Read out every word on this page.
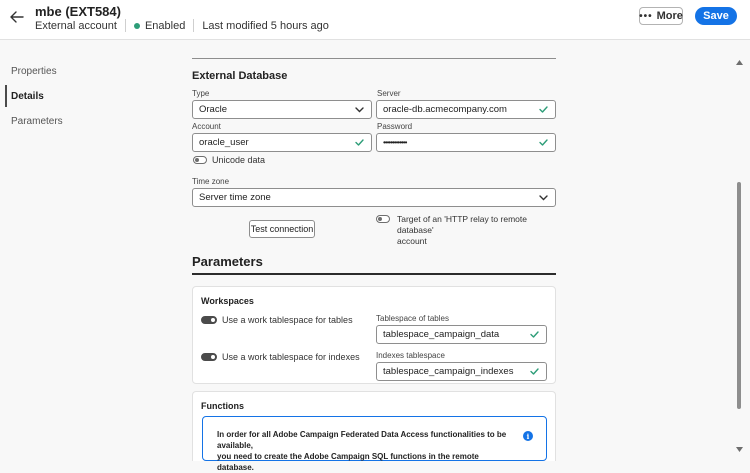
mbe (EXT584)
External account	Enabled Last modified 5 hours ago
••• More	Save
Properties
Details
Parameters
External Database
Type
Oracle
Server
oracle-db.acmecompany.com
Account
oracle_user
Password
•••••••••••••
Unicode data
Time zone
Server time zone
Test connection
Target of an 'HTTP relay to remote database'
account
Parameters
Workspaces
Use a work tablespace for tables
Use a work tablespace for indexes
Tablespace of tables
tablespace_campaign_data
Indexes tablespace
tablespace_campaign_indexes
Functions
In order for all Adobe Campaign Federated Data Access functionalities to be available,
you need to create the Adobe Campaign SQL functions in the remote database.
i
